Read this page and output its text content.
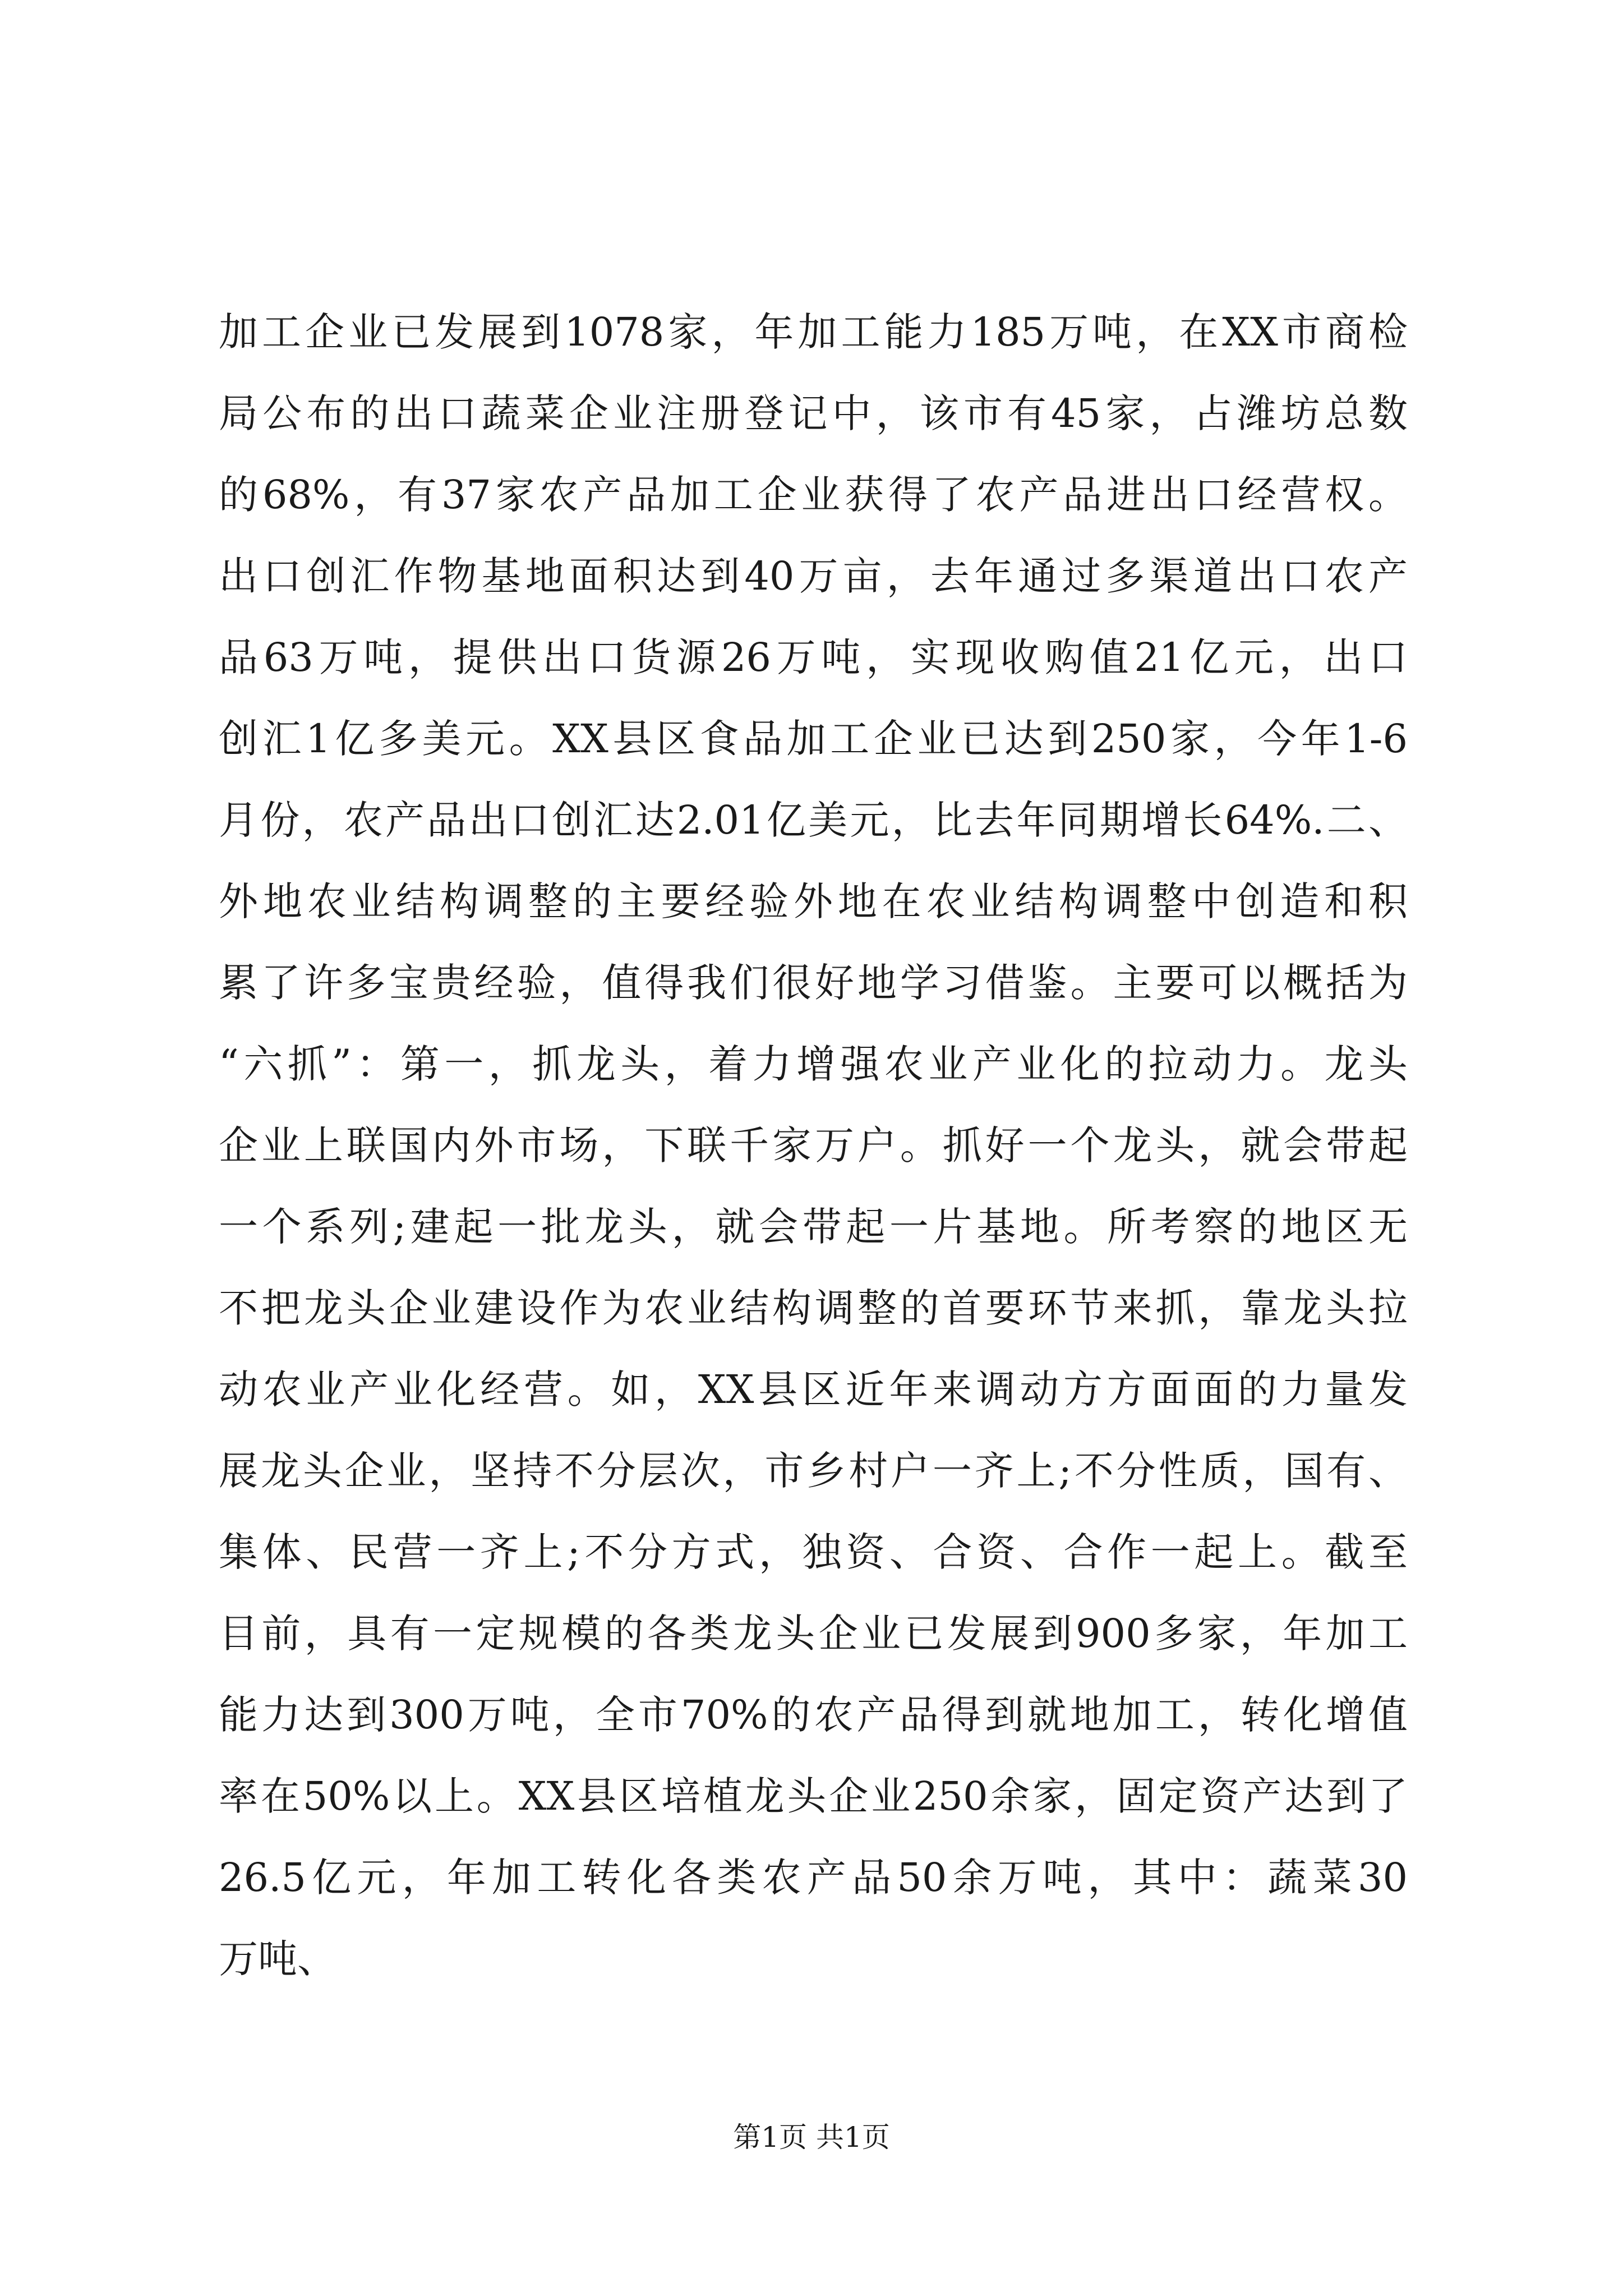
加工企业已发展到1078家，年加工能力185万吨，在XX市商检
局公布的出口蔬菜企业注册登记中，该市有45家，占潍坊总数
的68%，有37家农产品加工企业获得了农产品进出口经营权。
出口创汇作物基地面积达到40万亩，去年通过多渠道出口农产
品63万吨，提供出口货源26万吨，实现收购值21亿元，出口
创汇1亿多美元。XX县区食品加工企业已达到250家，今年1-6
月份，农产品出口创汇达2.01亿美元，比去年同期增长64%.二、
外地农业结构调整的主要经验外地在农业结构调整中创造和积
累了许多宝贵经验，值得我们很好地学习借鉴。主要可以概括为
“六抓”：第一，抓龙头，着力增强农业产业化的拉动力。龙头
企业上联国内外市场，下联千家万户。抓好一个龙头，就会带起
一个系列;建起一批龙头，就会带起一片基地。所考察的地区无
不把龙头企业建设作为农业结构调整的首要环节来抓，靠龙头拉
动农业产业化经营。如，XX县区近年来调动方方面面的力量发
展龙头企业，坚持不分层次，市乡村户一齐上;不分性质，国有、
集体、民营一齐上;不分方式，独资、合资、合作一起上。截至
目前，具有一定规模的各类龙头企业已发展到900多家，年加工
能力达到300万吨，全市70%的农产品得到就地加工，转化增值
率在50%以上。XX县区培植龙头企业250余家，固定资产达到了
26.5亿元，年加工转化各类农产品50余万吨，其中：蔬菜30
万吨、
第1页 共1页
